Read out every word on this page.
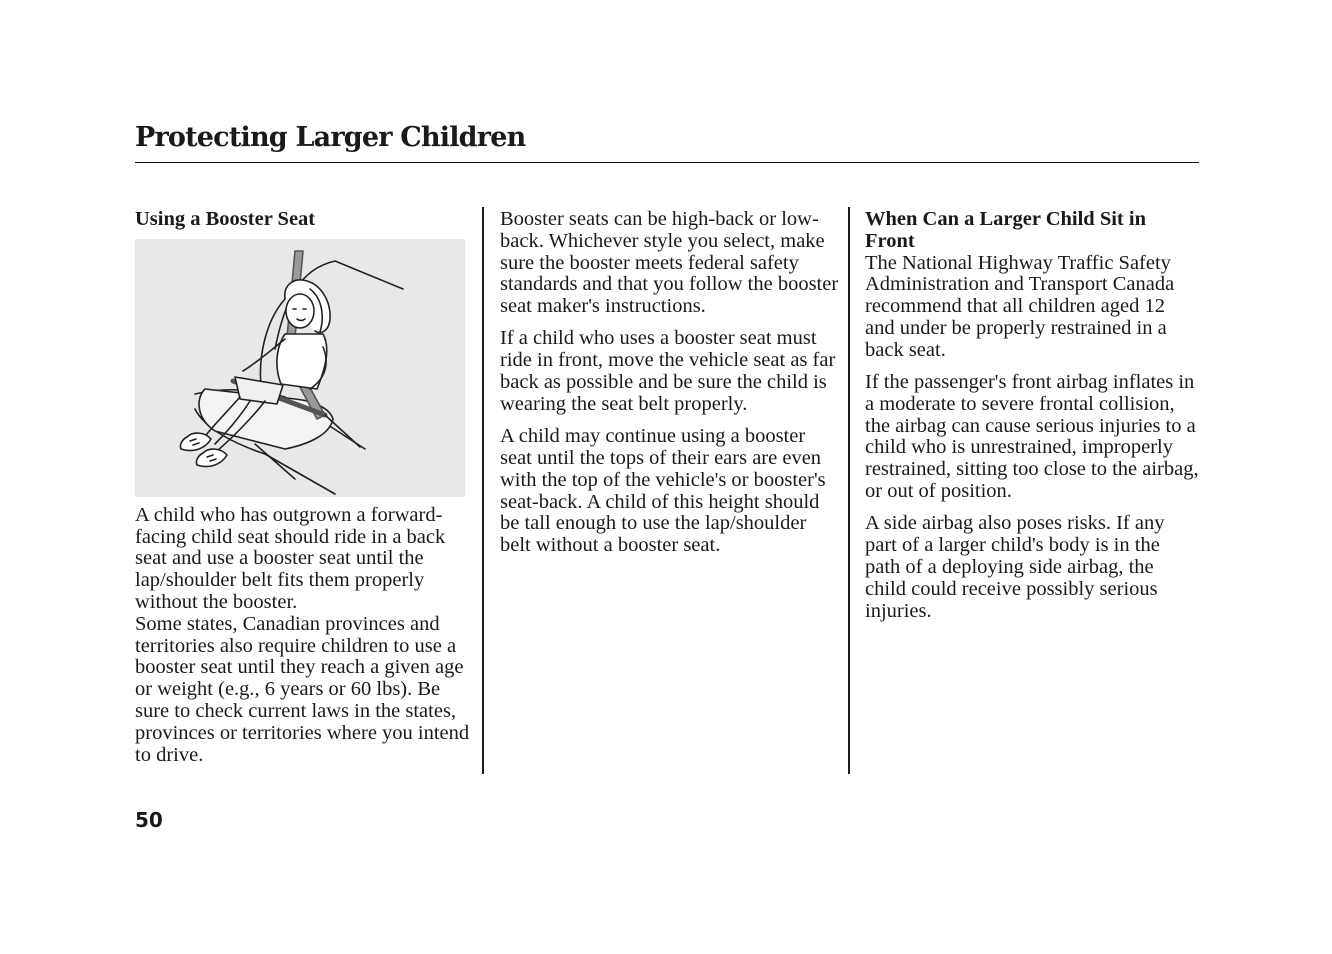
Protecting Larger Children
Using a Booster Seat

A child who has outgrown a forward-facing child seat should ride in a back seat and use a booster seat until the lap/shoulder belt fits them properly without the booster.

Some states, Canadian provinces and territories also require children to use a booster seat until they reach a given age or weight (e.g., 6 years or 60 lbs). Be sure to check current laws in the states, provinces or territories where you intend to drive.

Booster seats can be high-back or low-back. Whichever style you select, make sure the booster meets federal safety standards and that you follow the booster seat maker's instructions.

If a child who uses a booster seat must ride in front, move the vehicle seat as far back as possible and be sure the child is wearing the seat belt properly.

A child may continue using a booster seat until the tops of their ears are even with the top of the vehicle's or booster's seat-back. A child of this height should be tall enough to use the lap/shoulder belt without a booster seat.

When Can a Larger Child Sit in Front

The National Highway Traffic Safety Administration and Transport Canada recommend that all children aged 12 and under be properly restrained in a back seat.

If the passenger's front airbag inflates in a moderate to severe frontal collision, the airbag can cause serious injuries to a child who is unrestrained, improperly restrained, sitting too close to the airbag, or out of position.

A side airbag also poses risks. If any part of a larger child's body is in the path of a deploying side airbag, the child could receive possibly serious injuries.

50
